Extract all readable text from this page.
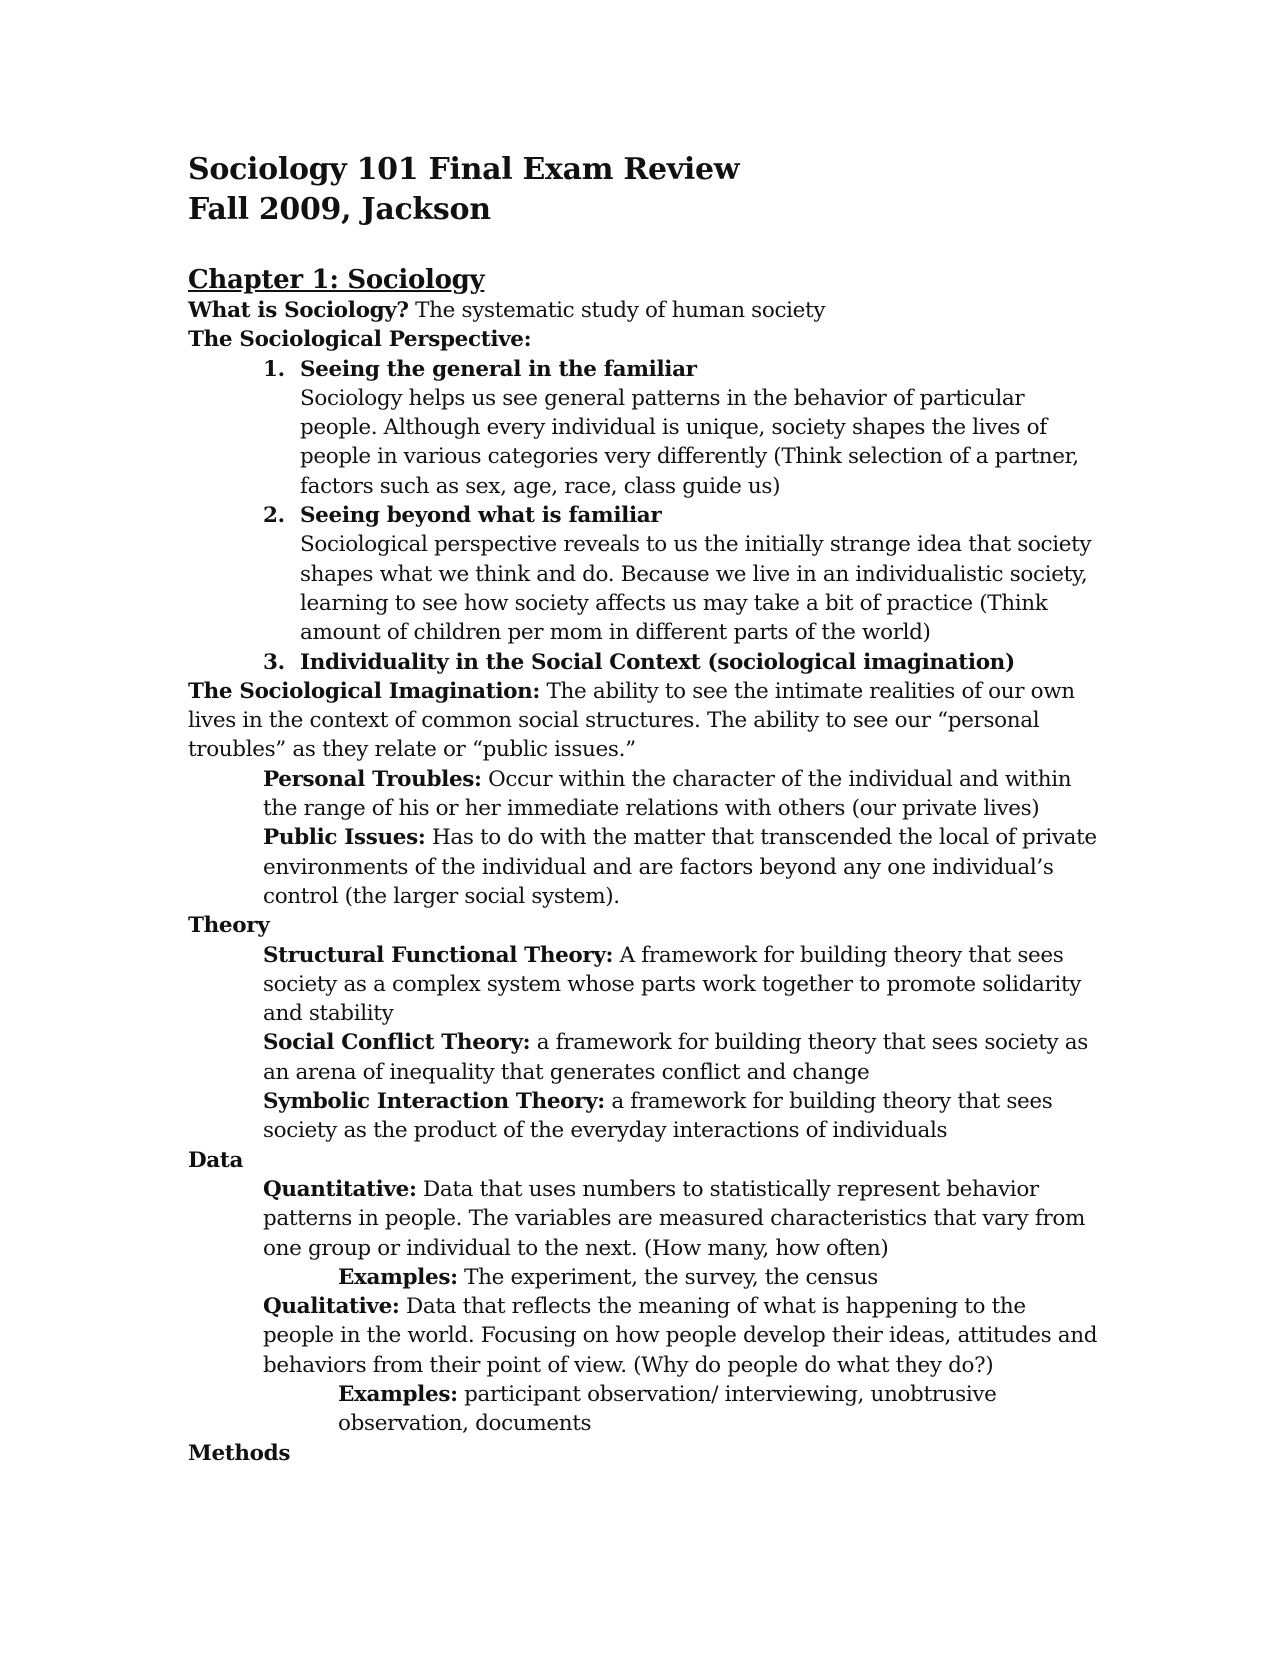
Sociology 101 Final Exam Review
Fall 2009, Jackson
Chapter 1: Sociology
What is Sociology? The systematic study of human society
The Sociological Perspective:
1. Seeing the general in the familiar
Sociology helps us see general patterns in the behavior of particular people. Although every individual is unique, society shapes the lives of people in various categories very differently (Think selection of a partner, factors such as sex, age, race, class guide us)
2. Seeing beyond what is familiar
Sociological perspective reveals to us the initially strange idea that society shapes what we think and do. Because we live in an individualistic society, learning to see how society affects us may take a bit of practice (Think amount of children per mom in different parts of the world)
3. Individuality in the Social Context (sociological imagination)
The Sociological Imagination: The ability to see the intimate realities of our own lives in the context of common social structures. The ability to see our “personal troubles” as they relate or “public issues.”
Personal Troubles: Occur within the character of the individual and within the range of his or her immediate relations with others (our private lives)
Public Issues: Has to do with the matter that transcended the local of private environments of the individual and are factors beyond any one individual’s control (the larger social system).
Theory
Structural Functional Theory: A framework for building theory that sees society as a complex system whose parts work together to promote solidarity and stability
Social Conflict Theory: a framework for building theory that sees society as an arena of inequality that generates conflict and change
Symbolic Interaction Theory: a framework for building theory that sees society as the product of the everyday interactions of individuals
Data
Quantitative: Data that uses numbers to statistically represent behavior patterns in people. The variables are measured characteristics that vary from one group or individual to the next. (How many, how often)
Examples: The experiment, the survey, the census
Qualitative: Data that reflects the meaning of what is happening to the people in the world. Focusing on how people develop their ideas, attitudes and behaviors from their point of view. (Why do people do what they do?)
Examples: participant observation/ interviewing, unobtrusive observation, documents
Methods
